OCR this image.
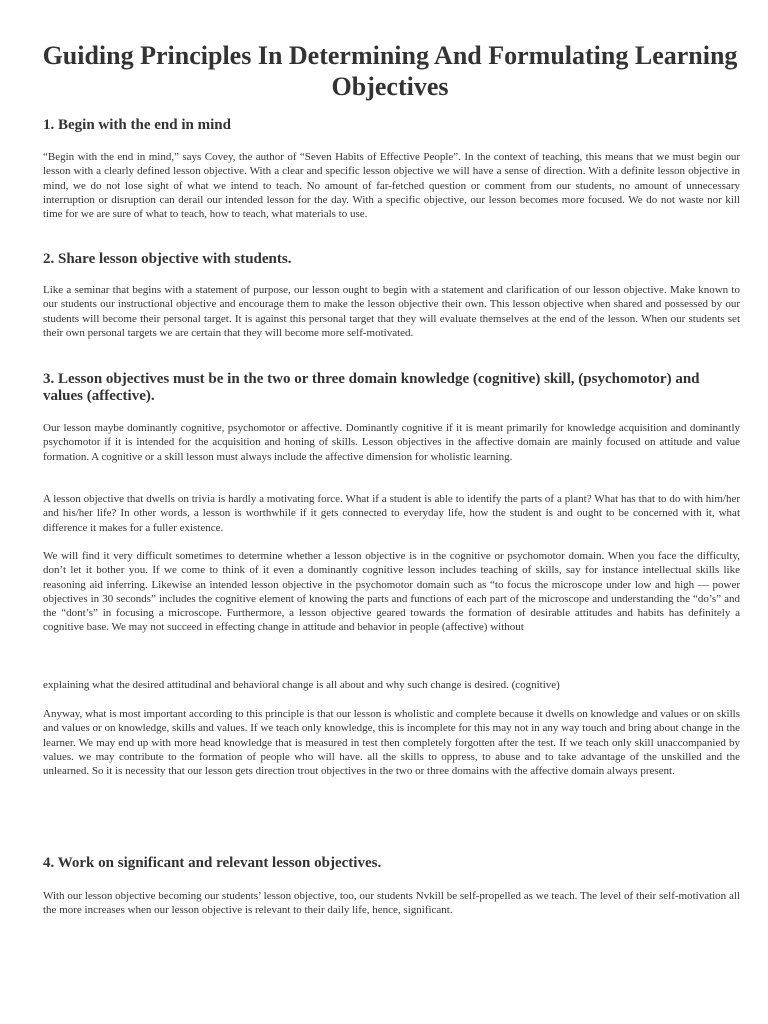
Guiding Principles In Determining And Formulating Learning Objectives
1. Begin with the end in mind

“Begin with the end in mind,” says Covey, the author of “Seven Habits of Effective People”. In the context of teaching, this means that we must begin our lesson with a clearly defined lesson objective. With a clear and specific lesson objective we will have a sense of direction. With a definite lesson objective in mind, we do not lose sight of what we intend to teach. No amount of far-fetched question or comment from our students, no amount of unnecessary interruption or disruption can derail our intended lesson for the day. With a specific objective, our lesson becomes more focused. We do not waste nor kill time for we are sure of what to teach, how to teach, what materials to use.

2. Share lesson objective with students.

Like a seminar that begins with a statement of purpose, our lesson ought to begin with a statement and clarification of our lesson objective. Make known to our students our instructional objective and encourage them to make the lesson objective their own. This lesson objective when shared and possessed by our students will become their personal target. It is against this personal target that they will evaluate themselves at the end of the lesson. When our students set their own personal targets we are certain that they will become more self-motivated.

3. Lesson objectives must be in the two or three domain knowledge (cognitive) skill, (psychomotor) and values (affective).

Our lesson maybe dominantly cognitive, psychomotor or affective. Dominantly cognitive if it is meant primarily for knowledge acquisition and dominantly psychomotor if it is intended for the acquisition and honing of skills. Lesson objectives in the affective domain are mainly focused on attitude and value formation. A cognitive or a skill lesson must always include the affective dimension for wholistic learning.

A lesson objective that dwells on trivia is hardly a motivating force. What if a student is able to identify the parts of a plant? What has that to do with him/her and his/her life? In other words, a lesson is worthwhile if it gets connected to everyday life, how the student is and ought to be concerned with it, what difference it makes for a fuller existence.

We will find it very difficult sometimes to determine whether a lesson objective is in the cognitive or psychomotor domain. When you face the difficulty, don’t let it bother you. If we come to think of it even a dominantly cognitive lesson includes teaching of skills, say for instance intellectual skills like reasoning aid inferring. Likewise an intended lesson objective in the psychomotor domain such as “to focus the microscope under low and high — power objectives in 30 seconds” includes the cognitive element of knowing the parts and functions of each part of the microscope and understanding the “do’s” and the “dont’s” in focusing a microscope. Furthermore, a lesson objective geared towards the formation of desirable attitudes and habits has definitely a cognitive base. We may not succeed in effecting change in attitude and behavior in people (affective) without

explaining what the desired attitudinal and behavioral change is all about and why such change is desired. (cognitive)

Anyway, what is most important according to this principle is that our lesson is wholistic and complete because it dwells on knowledge and values or on skills and values or on knowledge, skills and values. If we teach only knowledge, this is incomplete for this may not in any way touch and bring about change in the learner. We may end up with more head knowledge that is measured in test then completely forgotten after the test. If we teach only skill unaccompanied by values. we may contribute to the formation of people who will have. all the skills to oppress, to abuse and to take advantage of the unskilled and the unlearned. So it is necessity that our lesson gets direction trout objectives in the two or three domains with the affective domain always present.

4. Work on significant and relevant lesson objectives.

With our lesson objective becoming our students’ lesson objective, too, our students Nvkill be self-propelled as we teach. The level of their self-motivation all the more increases when our lesson objective is relevant to their daily life, hence, significant.
